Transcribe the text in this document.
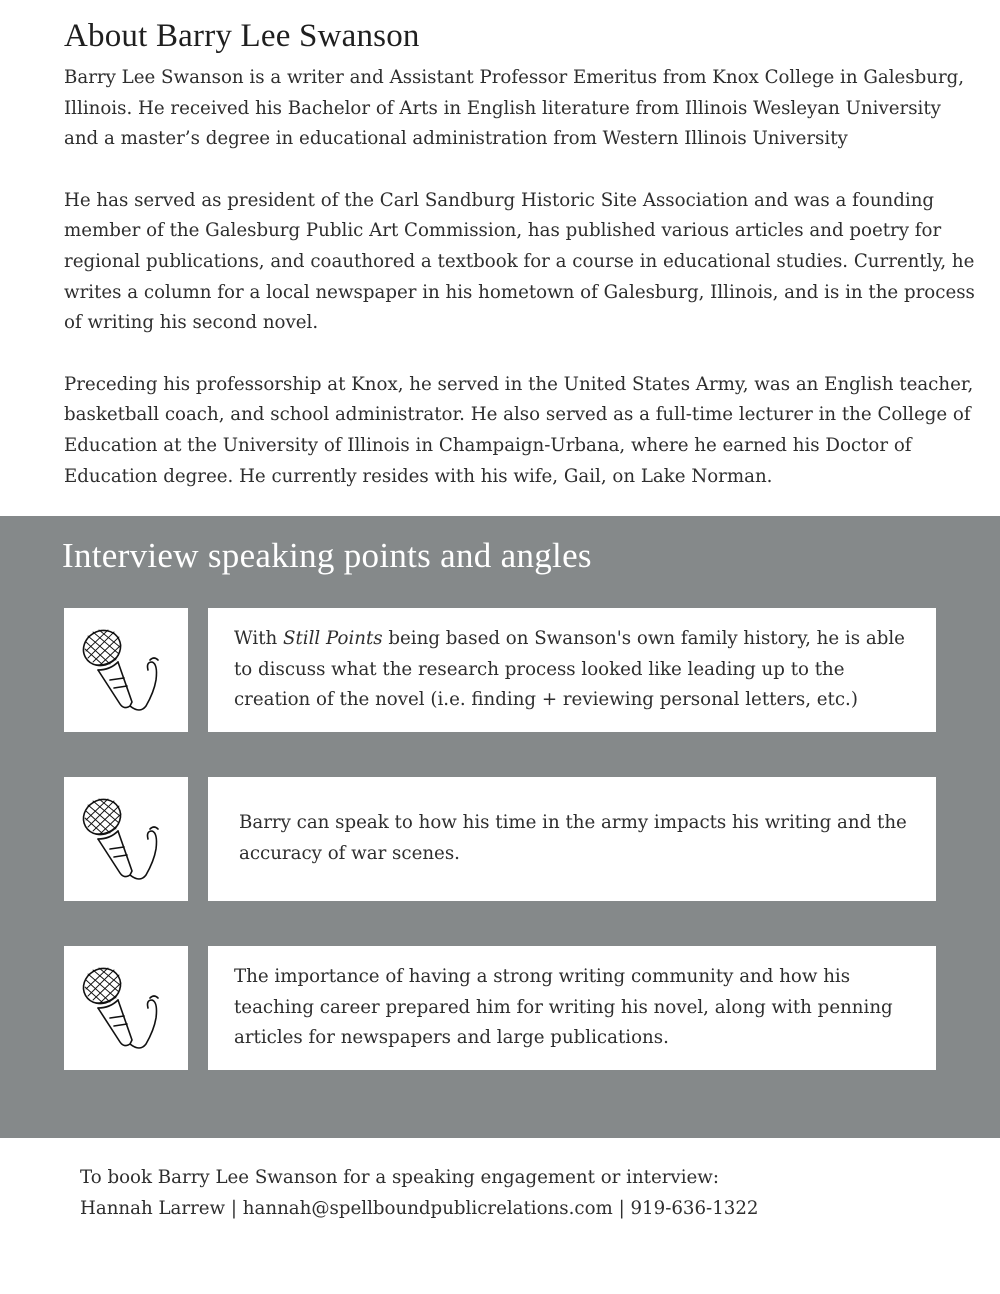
About Barry Lee Swanson

Barry Lee Swanson is a writer and Assistant Professor Emeritus from Knox College in Galesburg, Illinois. He received his Bachelor of Arts in English literature from Illinois Wesleyan University and a master’s degree in educational administration from Western Illinois University

He has served as president of the Carl Sandburg Historic Site Association and was a founding member of the Galesburg Public Art Commission, has published various articles and poetry for regional publications, and coauthored a textbook for a course in educational studies. Currently, he writes a column for a local newspaper in his hometown of Galesburg, Illinois, and is in the process of writing his second novel.

Preceding his professorship at Knox, he served in the United States Army, was an English teacher, basketball coach, and school administrator. He also served as a full-time lecturer in the College of Education at the University of Illinois in Champaign-Urbana, where he earned his Doctor of Education degree. He currently resides with his wife, Gail, on Lake Norman.

Interview speaking points and angles

With Still Points being based on Swanson's own family history, he is able to discuss what the research process looked like leading up to the creation of the novel (i.e. finding + reviewing personal letters, etc.)

Barry can speak to how his time in the army impacts his writing and the accuracy of war scenes.

The importance of having a strong writing community and how his teaching career prepared him for writing his novel, along with penning articles for newspapers and large publications.

To book Barry Lee Swanson for a speaking engagement or interview:

Hannah Larrew | hannah@spellboundpublicrelations.com | 919-636-1322
